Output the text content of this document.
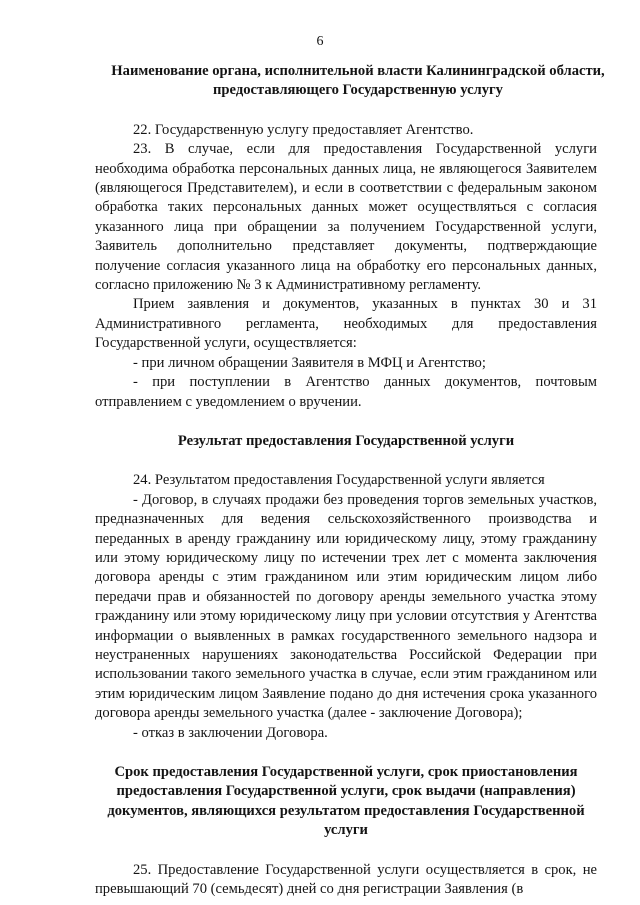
6
Наименование органа, исполнительной власти Калининградской области, предоставляющего Государственную услугу

22. Государственную услугу предоставляет Агентство.

23. В случае, если для предоставления Государственной услуги необходима обработка персональных данных лица, не являющегося Заявителем (являющегося Представителем), и если в соответствии с федеральным законом обработка таких персональных данных может осуществляться с согласия указанного лица при обращении за получением Государственной услуги, Заявитель дополнительно представляет документы, подтверждающие получение согласия указанного лица на обработку его персональных данных, согласно приложению № 3 к Административному регламенту.

Прием заявления и документов, указанных в пунктах 30 и 31 Административного регламента, необходимых для предоставления Государственной услуги, осуществляется:

- при личном обращении Заявителя в МФЦ и Агентство;

- при поступлении в Агентство данных документов, почтовым отправлением с уведомлением о вручении.

Результат предоставления Государственной услуги

24. Результатом предоставления Государственной услуги является

- Договор, в случаях продажи без проведения торгов земельных участков, предназначенных для ведения сельскохозяйственного производства и переданных в аренду гражданину или юридическому лицу, этому гражданину или этому юридическому лицу по истечении трех лет с момента заключения договора аренды с этим гражданином или этим юридическим лицом либо передачи прав и обязанностей по договору аренды земельного участка этому гражданину или этому юридическому лицу при условии отсутствия у Агентства информации о выявленных в рамках государственного земельного надзора и неустраненных нарушениях законодательства Российской Федерации при использовании такого земельного участка в случае, если этим гражданином или этим юридическим лицом Заявление подано до дня истечения срока указанного договора аренды земельного участка (далее - заключение Договора);

- отказ в заключении Договора.

Срок предоставления Государственной услуги, срок приостановления предоставления Государственной услуги, срок выдачи (направления) документов, являющихся результатом предоставления Государственной услуги

25. Предоставление Государственной услуги осуществляется в срок, не превышающий 70 (семьдесят) дней со дня регистрации Заявления (в
